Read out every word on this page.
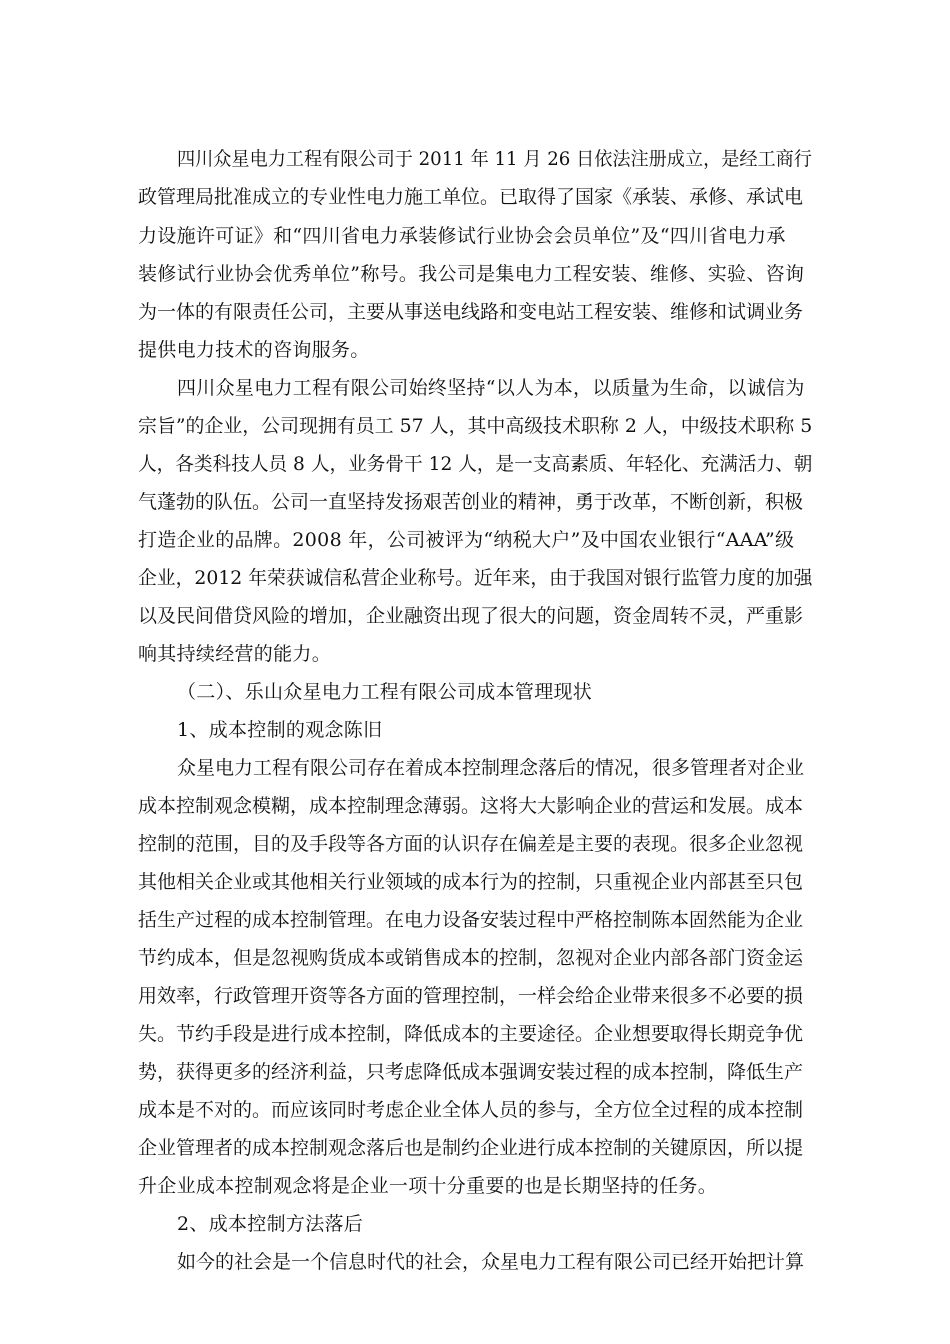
四川众星电力工程有限公司于 2011 年 11 月 26 日依法注册成立，是经工商行
政管理局批准成立的专业性电力施工单位。已取得了国家《承装、承修、承试电
力设施许可证》和“四川省电力承装修试行业协会会员单位”及“四川省电力承
装修试行业协会优秀单位”称号。我公司是集电力工程安装、维修、实验、咨询
为一体的有限责任公司，主要从事送电线路和变电站工程安装、维修和试调业务
提供电力技术的咨询服务。
四川众星电力工程有限公司始终坚持“以人为本，以质量为生命，以诚信为
宗旨”的企业，公司现拥有员工 57 人，其中高级技术职称 2 人，中级技术职称 5
人，各类科技人员 8 人，业务骨干 12 人，是一支高素质、年轻化、充满活力、朝
气蓬勃的队伍。公司一直坚持发扬艰苦创业的精神，勇于改革，不断创新，积极
打造企业的品牌。2008 年，公司被评为“纳税大户”及中国农业银行“AAA”级
企业，2012 年荣获诚信私营企业称号。近年来，由于我国对银行监管力度的加强
以及民间借贷风险的增加，企业融资出现了很大的问题，资金周转不灵，严重影
响其持续经营的能力。
（二）、乐山众星电力工程有限公司成本管理现状
1、成本控制的观念陈旧
众星电力工程有限公司存在着成本控制理念落后的情况，很多管理者对企业
成本控制观念模糊，成本控制理念薄弱。这将大大影响企业的营运和发展。成本
控制的范围，目的及手段等各方面的认识存在偏差是主要的表现。很多企业忽视
其他相关企业或其他相关行业领域的成本行为的控制，只重视企业内部甚至只包
括生产过程的成本控制管理。在电力设备安装过程中严格控制陈本固然能为企业
节约成本，但是忽视购货成本或销售成本的控制，忽视对企业内部各部门资金运
用效率，行政管理开资等各方面的管理控制，一样会给企业带来很多不必要的损
失。节约手段是进行成本控制，降低成本的主要途径。企业想要取得长期竞争优
势，获得更多的经济利益，只考虑降低成本强调安装过程的成本控制，降低生产
成本是不对的。而应该同时考虑企业全体人员的参与，全方位全过程的成本控制
企业管理者的成本控制观念落后也是制约企业进行成本控制的关键原因，所以提
升企业成本控制观念将是企业一项十分重要的也是长期坚持的任务。
2、成本控制方法落后
如今的社会是一个信息时代的社会，众星电力工程有限公司已经开始把计算
